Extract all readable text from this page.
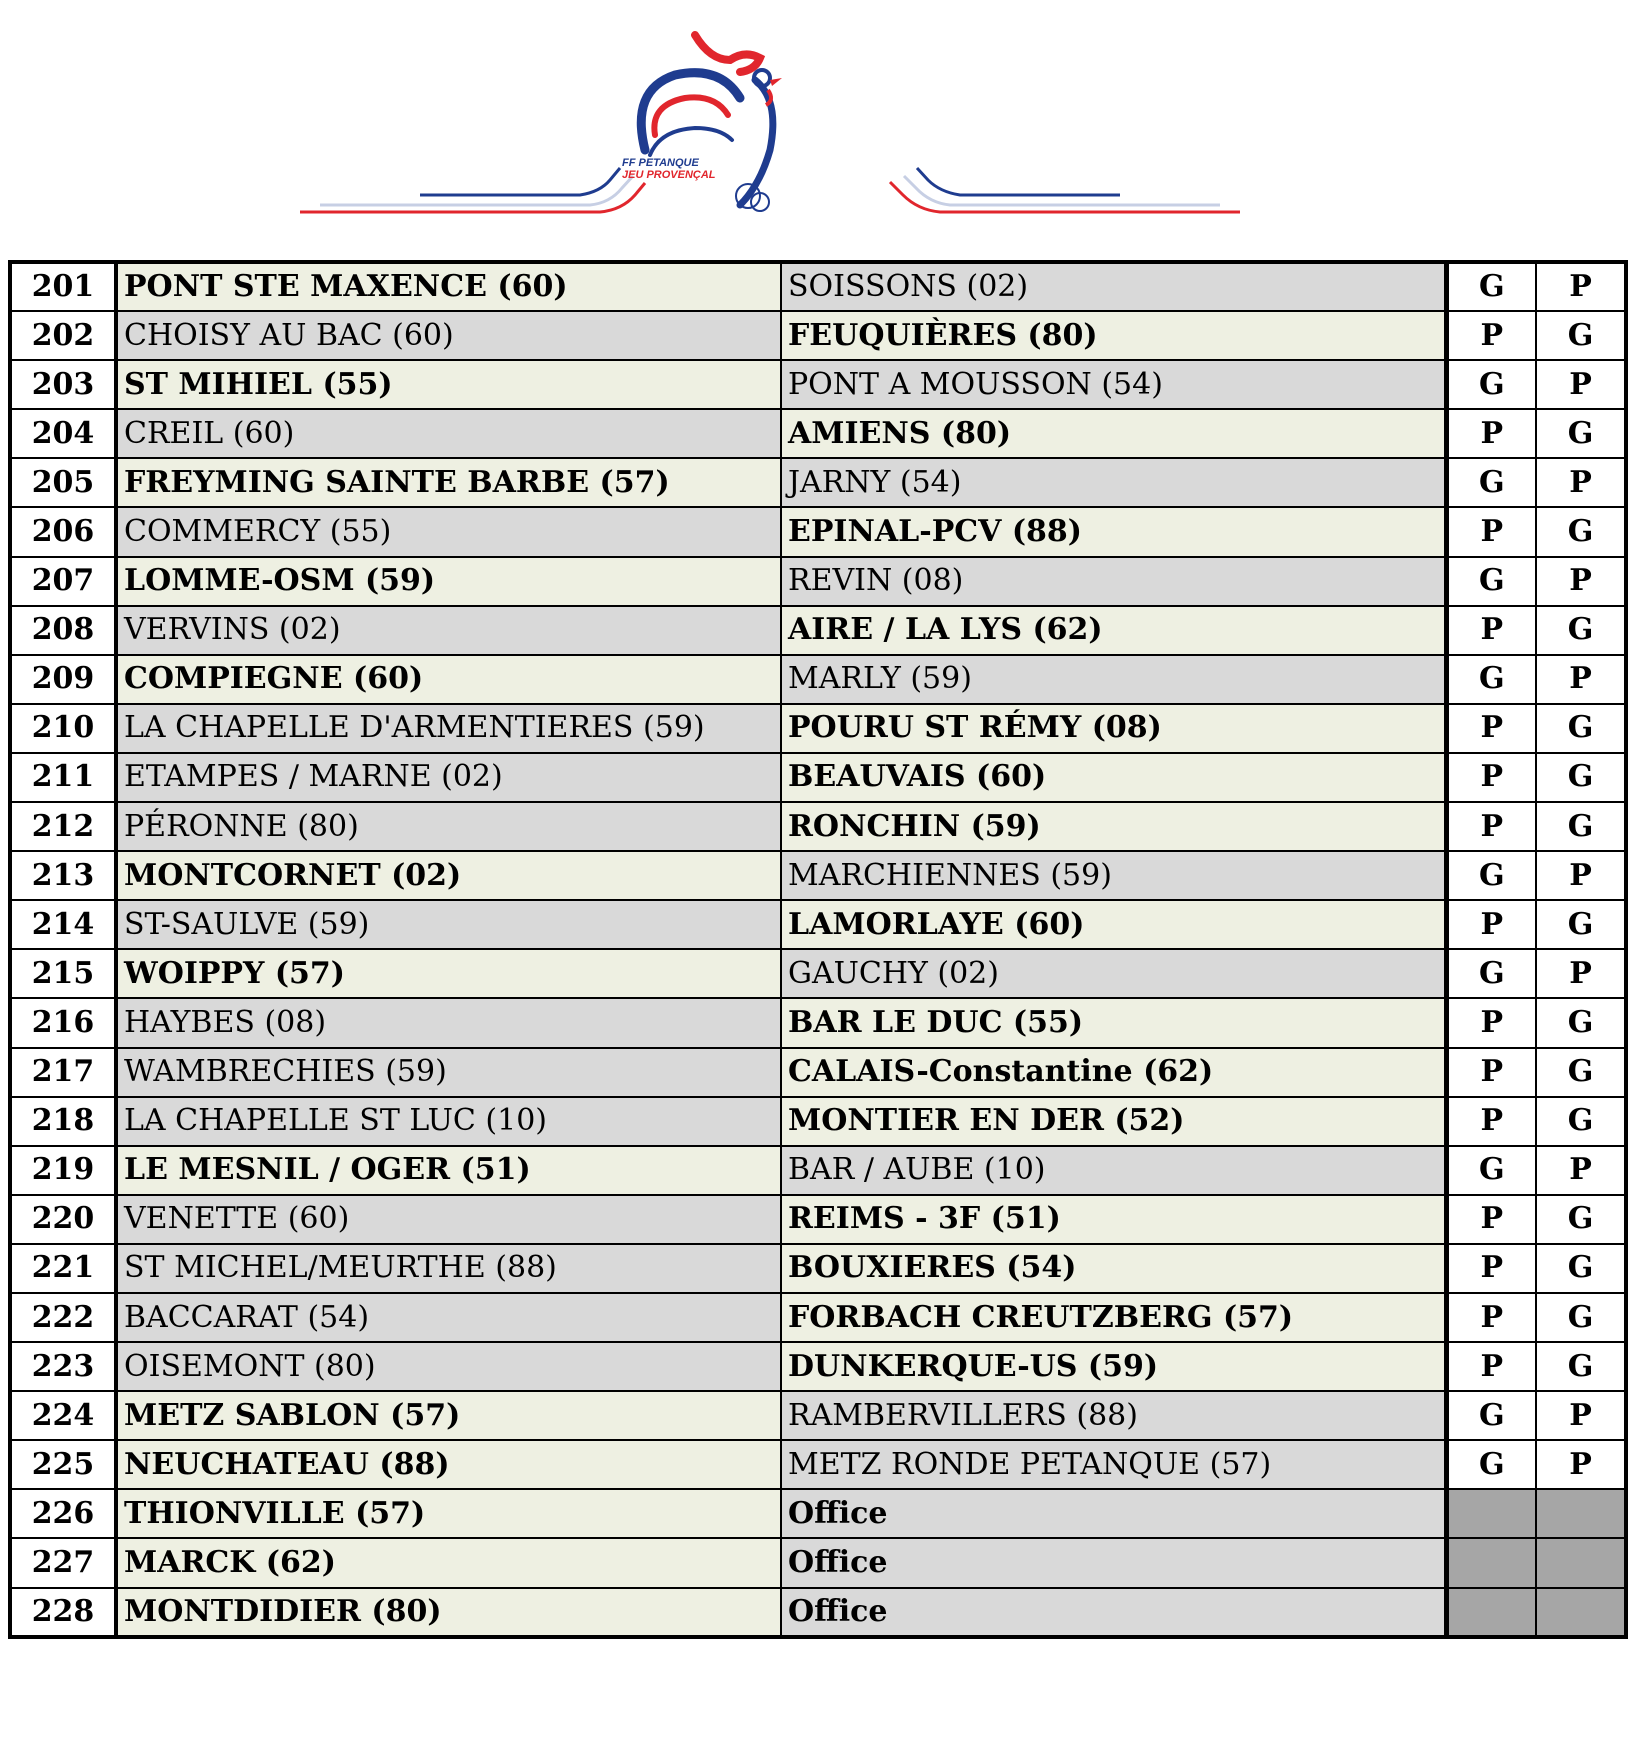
FF PETANQUE
JEU PROVENÇAL
201	PONT STE MAXENCE (60)	SOISSONS (02)	G	P
202	CHOISY AU BAC (60)	FEUQUIÈRES (80)	P	G
203	ST MIHIEL (55)	PONT A MOUSSON (54)	G	P
204	CREIL (60)	AMIENS (80)	P	G
205	FREYMING SAINTE BARBE (57)	JARNY (54)	G	P
206	COMMERCY (55)	EPINAL-PCV (88)	P	G
207	LOMME-OSM (59)	REVIN (08)	G	P
208	VERVINS (02)	AIRE / LA LYS (62)	P	G
209	COMPIEGNE (60)	MARLY (59)	G	P
210	LA CHAPELLE D'ARMENTIERES (59)	POURU ST RÉMY (08)	P	G
211	ETAMPES / MARNE (02)	BEAUVAIS (60)	P	G
212	PÉRONNE (80)	RONCHIN (59)	P	G
213	MONTCORNET (02)	MARCHIENNES (59)	G	P
214	ST-SAULVE (59)	LAMORLAYE (60)	P	G
215	WOIPPY (57)	GAUCHY (02)	G	P
216	HAYBES (08)	BAR LE DUC (55)	P	G
217	WAMBRECHIES (59)	CALAIS-Constantine (62)	P	G
218	LA CHAPELLE ST LUC (10)	MONTIER EN DER (52)	P	G
219	LE MESNIL / OGER (51)	BAR / AUBE (10)	G	P
220	VENETTE (60)	REIMS - 3F (51)	P	G
221	ST MICHEL/MEURTHE (88)	BOUXIERES (54)	P	G
222	BACCARAT (54)	FORBACH CREUTZBERG (57)	P	G
223	OISEMONT (80)	DUNKERQUE-US (59)	P	G
224	METZ SABLON (57)	RAMBERVILLERS (88)	G	P
225	NEUCHATEAU (88)	METZ RONDE PETANQUE (57)	G	P
226	THIONVILLE (57)	Office		
227	MARCK (62)	Office		
228	MONTDIDIER (80)	Office		
